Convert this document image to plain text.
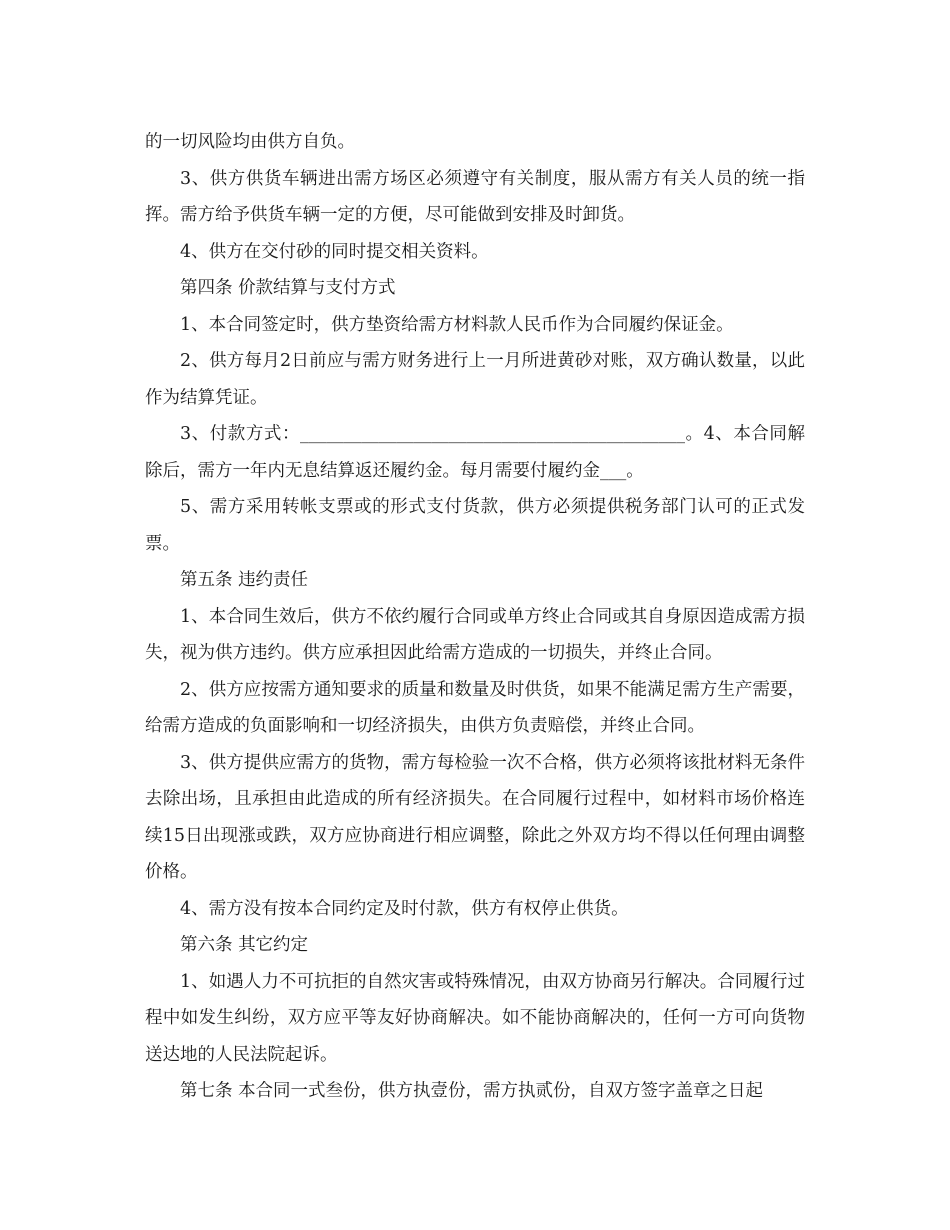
的一切风险均由供方自负。

3、供方供货车辆进出需方场区必须遵守有关制度，服从需方有关人员的统一指挥。需方给予供货车辆一定的方便，尽可能做到安排及时卸货。

4、供方在交付砂的同时提交相关资料。

第四条 价款结算与支付方式

1、本合同签定时，供方垫资给需方材料款人民币作为合同履约保证金。

2、供方每月2日前应与需方财务进行上一月所进黄砂对账，双方确认数量，以此作为结算凭证。

3、付款方式：____________________________________________。4、本合同解除后，需方一年内无息结算返还履约金。每月需要付履约金___。

5、需方采用转帐支票或的形式支付货款，供方必须提供税务部门认可的正式发票。

第五条 违约责任

1、本合同生效后，供方不依约履行合同或单方终止合同或其自身原因造成需方损失，视为供方违约。供方应承担因此给需方造成的一切损失，并终止合同。

2、供方应按需方通知要求的质量和数量及时供货，如果不能满足需方生产需要，给需方造成的负面影响和一切经济损失，由供方负责赔偿，并终止合同。

3、供方提供应需方的货物，需方每检验一次不合格，供方必须将该批材料无条件去除出场，且承担由此造成的所有经济损失。在合同履行过程中，如材料市场价格连续15日出现涨或跌，双方应协商进行相应调整，除此之外双方均不得以任何理由调整价格。

4、需方没有按本合同约定及时付款，供方有权停止供货。

第六条 其它约定

1、如遇人力不可抗拒的自然灾害或特殊情况，由双方协商另行解决。合同履行过程中如发生纠纷，双方应平等友好协商解决。如不能协商解决的，任何一方可向货物送达地的人民法院起诉。

第七条 本合同一式叁份，供方执壹份，需方执贰份，自双方签字盖章之日起
